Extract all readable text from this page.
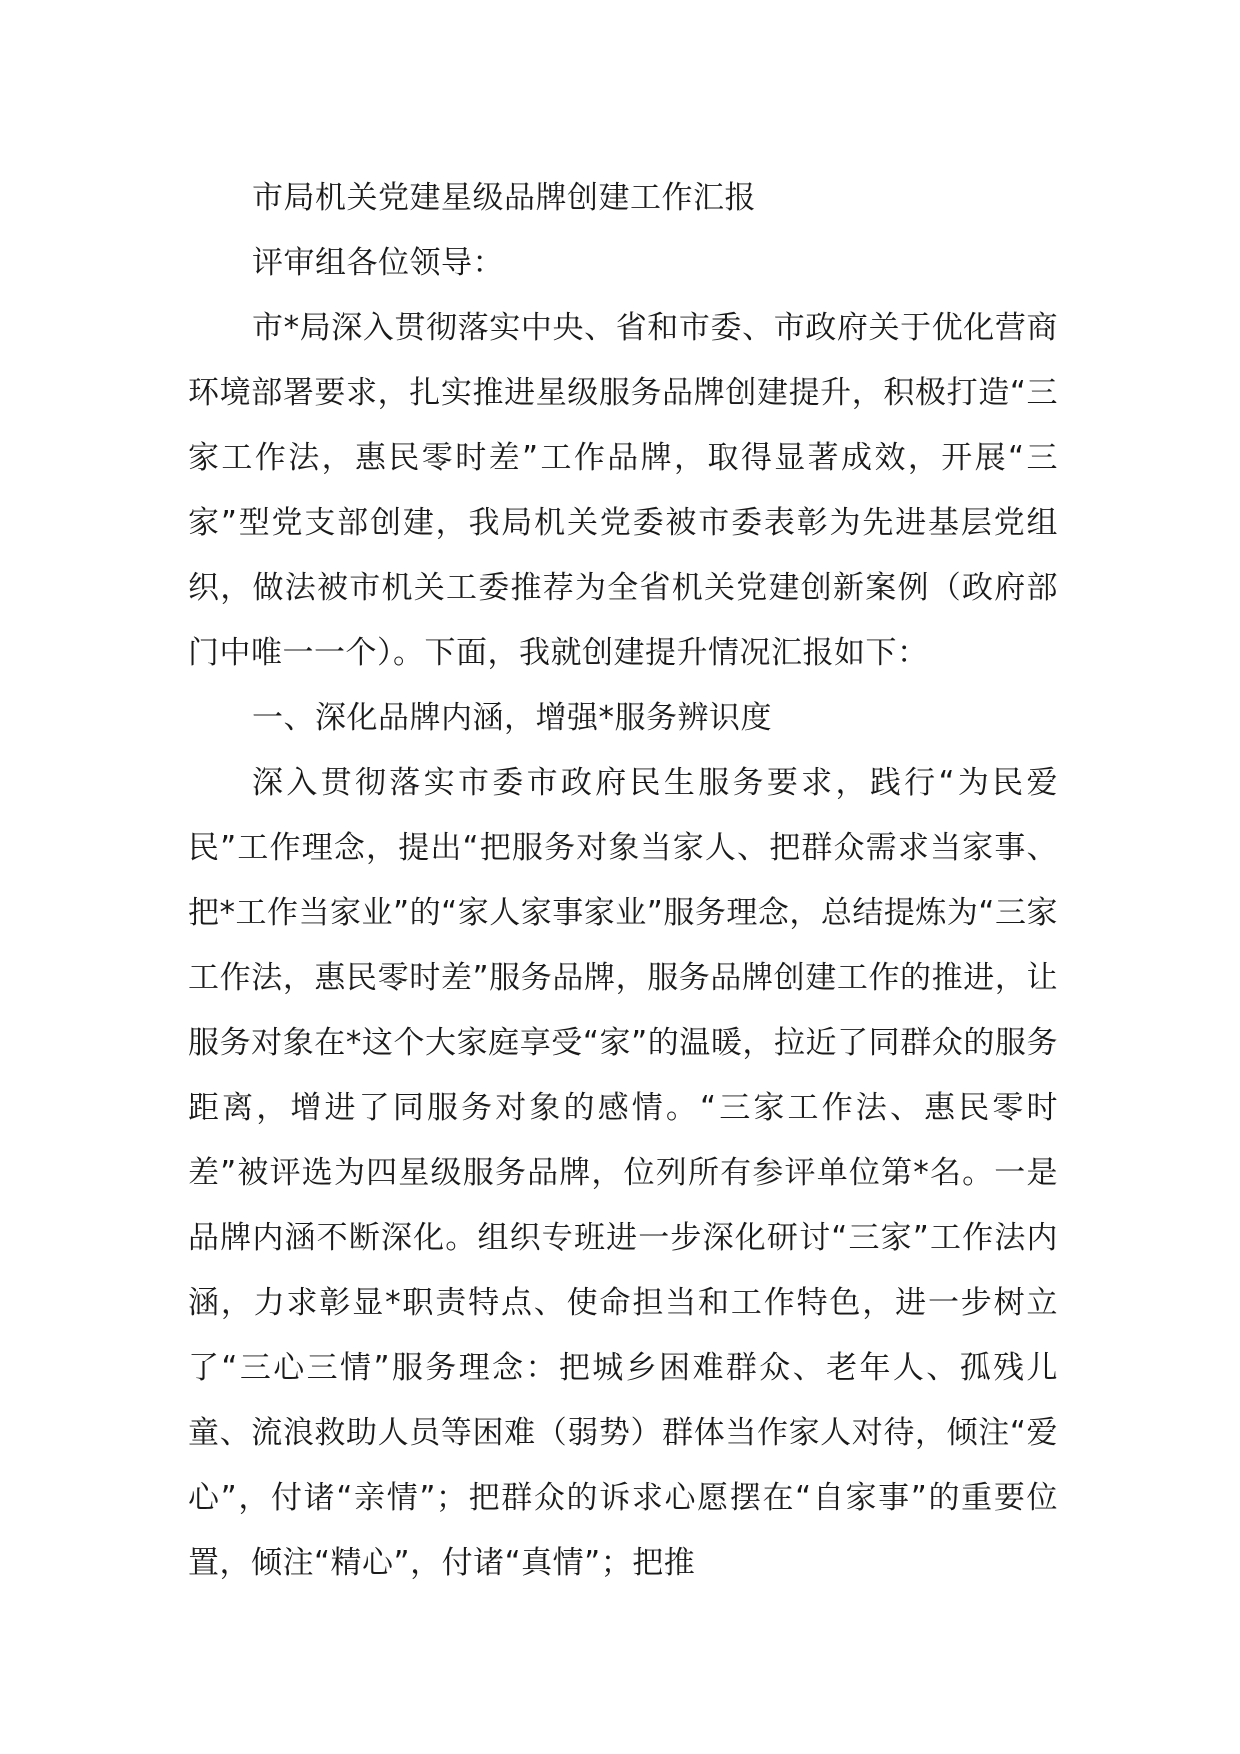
市局机关党建星级品牌创建工作汇报

评审组各位领导：

市*局深入贯彻落实中央、省和市委、市政府关于优化营商环境部署要求，扎实推进星级服务品牌创建提升，积极打造“三家工作法，惠民零时差”工作品牌，取得显著成效，开展“三家”型党支部创建，我局机关党委被市委表彰为先进基层党组织，做法被市机关工委推荐为全省机关党建创新案例（政府部门中唯一一个）。下面，我就创建提升情况汇报如下：

一、深化品牌内涵，增强*服务辨识度

深入贯彻落实市委市政府民生服务要求，践行“为民爱民”工作理念，提出“把服务对象当家人、把群众需求当家事、把*工作当家业”的“家人家事家业”服务理念，总结提炼为“三家工作法，惠民零时差”服务品牌，服务品牌创建工作的推进，让服务对象在*这个大家庭享受“家”的温暖，拉近了同群众的服务距离，增进了同服务对象的感情。“三家工作法、惠民零时差”被评选为四星级服务品牌，位列所有参评单位第*名。一是品牌内涵不断深化。组织专班进一步深化研讨“三家”工作法内涵，力求彰显*职责特点、使命担当和工作特色，进一步树立了“三心三情”服务理念：把城乡困难群众、老年人、孤残儿童、流浪救助人员等困难（弱势）群体当作家人对待，倾注“爱心”，付诸“亲情”；把群众的诉求心愿摆在“自家事”的重要位置，倾注“精心”，付诸“真情”；把推
